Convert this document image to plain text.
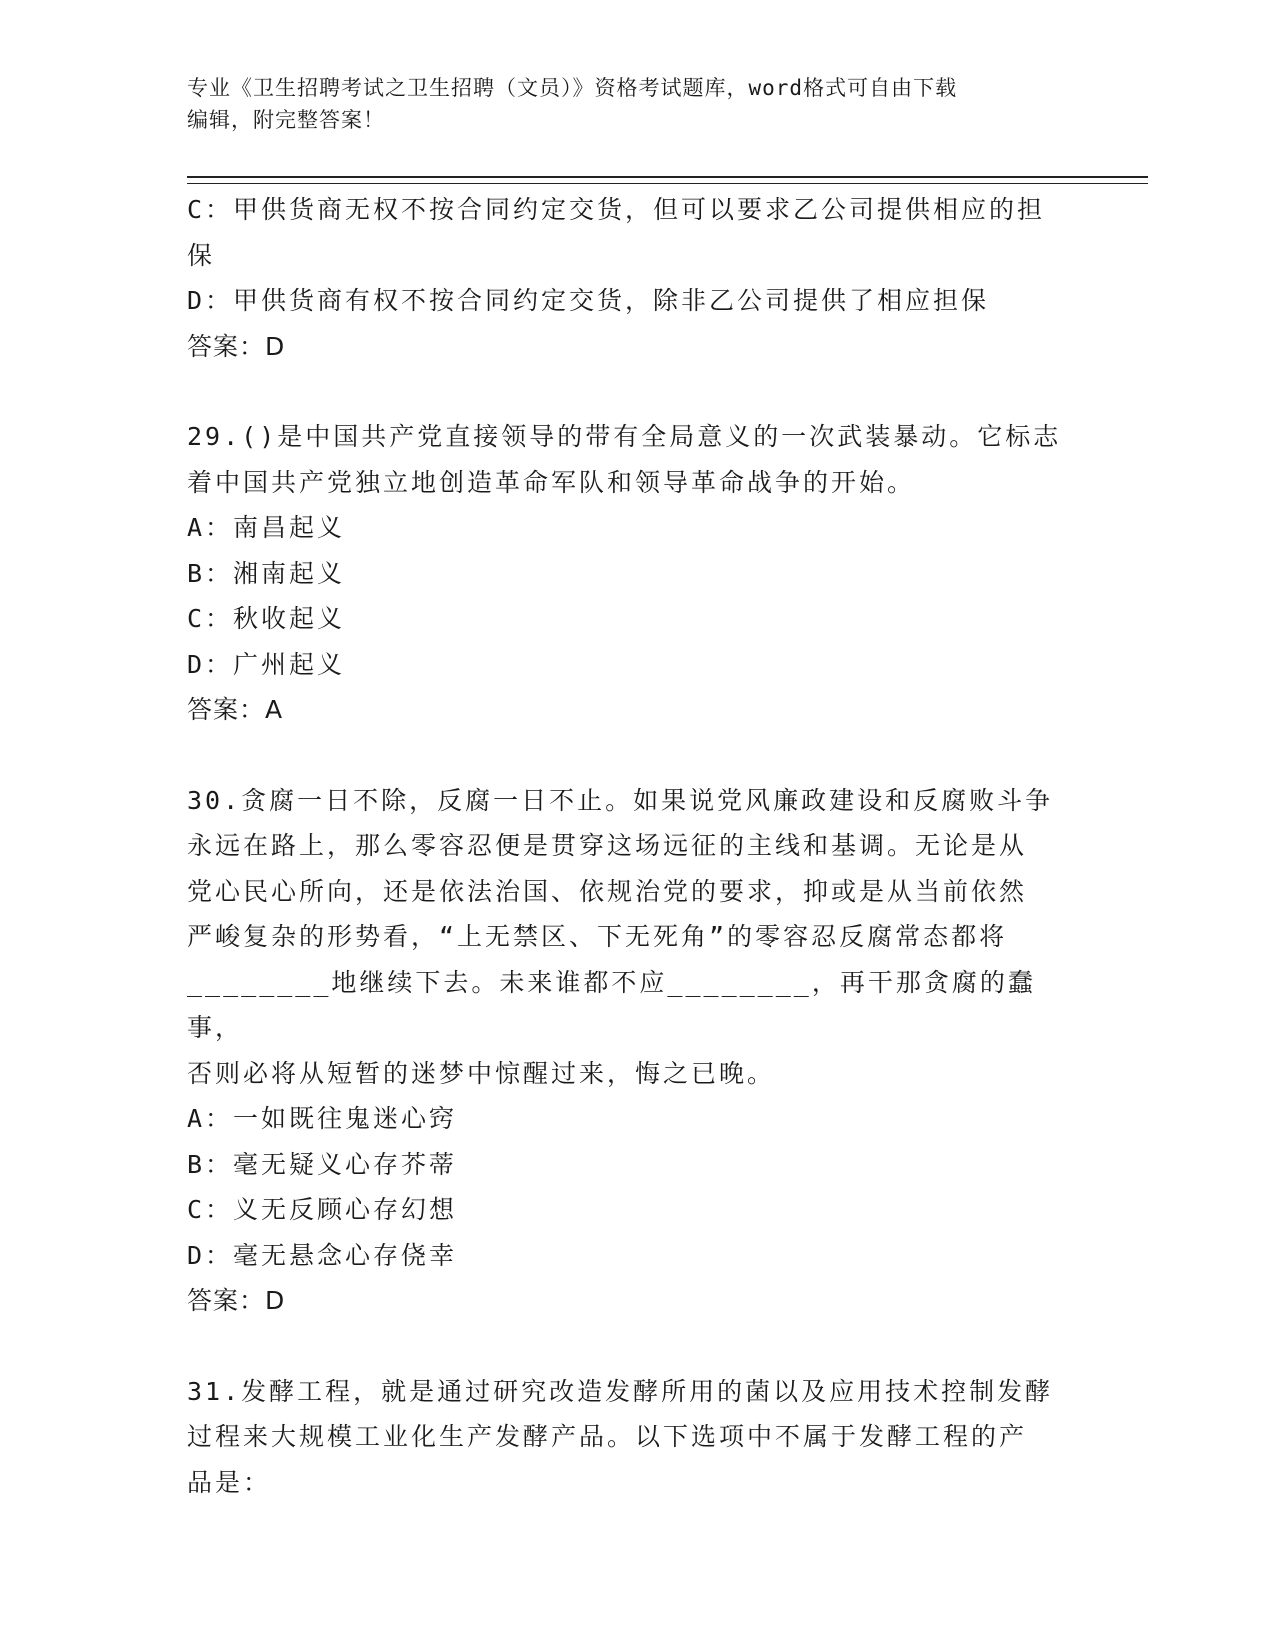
专业《卫生招聘考试之卫生招聘（文员）》资格考试题库，word格式可自由下载
编辑，附完整答案！
C：甲供货商无权不按合同约定交货，但可以要求乙公司提供相应的担
保
D：甲供货商有权不按合同约定交货，除非乙公司提供了相应担保
答案：D
29.()是中国共产党直接领导的带有全局意义的一次武装暴动。它标志
着中国共产党独立地创造革命军队和领导革命战争的开始。
A：南昌起义
B：湘南起义
C：秋收起义
D：广州起义
答案：A
30.贪腐一日不除，反腐一日不止。如果说党风廉政建设和反腐败斗争
永远在路上，那么零容忍便是贯穿这场远征的主线和基调。无论是从
党心民心所向，还是依法治国、依规治党的要求，抑或是从当前依然
严峻复杂的形势看，“上无禁区、下无死角”的零容忍反腐常态都将
________地继续下去。未来谁都不应________，再干那贪腐的蠢事，
否则必将从短暂的迷梦中惊醒过来，悔之已晚。
A：一如既往鬼迷心窍
B：毫无疑义心存芥蒂
C：义无反顾心存幻想
D：毫无悬念心存侥幸
答案：D
31.发酵工程，就是通过研究改造发酵所用的菌以及应用技术控制发酵
过程来大规模工业化生产发酵产品。以下选项中不属于发酵工程的产
品是：
